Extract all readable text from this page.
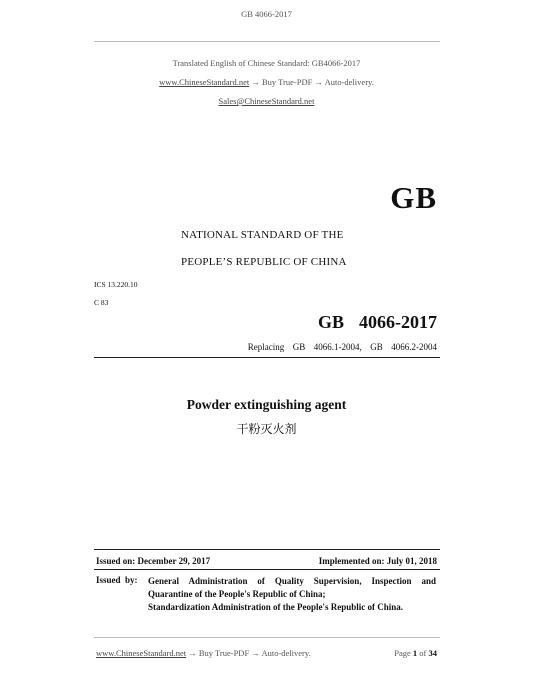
GB 4066-2017
Translated English of Chinese Standard: GB4066-2017
www.ChineseStandard.net → Buy True-PDF → Auto-delivery.
Sales@ChineseStandard.net
GB
NATIONAL STANDARD OF THE
PEOPLE’S REPUBLIC OF CHINA
ICS 13.220.10
C 83
GB  4066-2017
Replacing  GB  4066.1-2004,  GB  4066.2-2004
Powder extinguishing agent
干粉灭火剂
Issued on: December 29, 2017	Implemented on: July 01, 2018
Issued  by: General Administration of Quality Supervision, Inspection and Quarantine of the People's Republic of China;
Standardization Administration of the People's Republic of China.
www.ChineseStandard.net → Buy True-PDF → Auto-delivery.	Page 1 of 34
